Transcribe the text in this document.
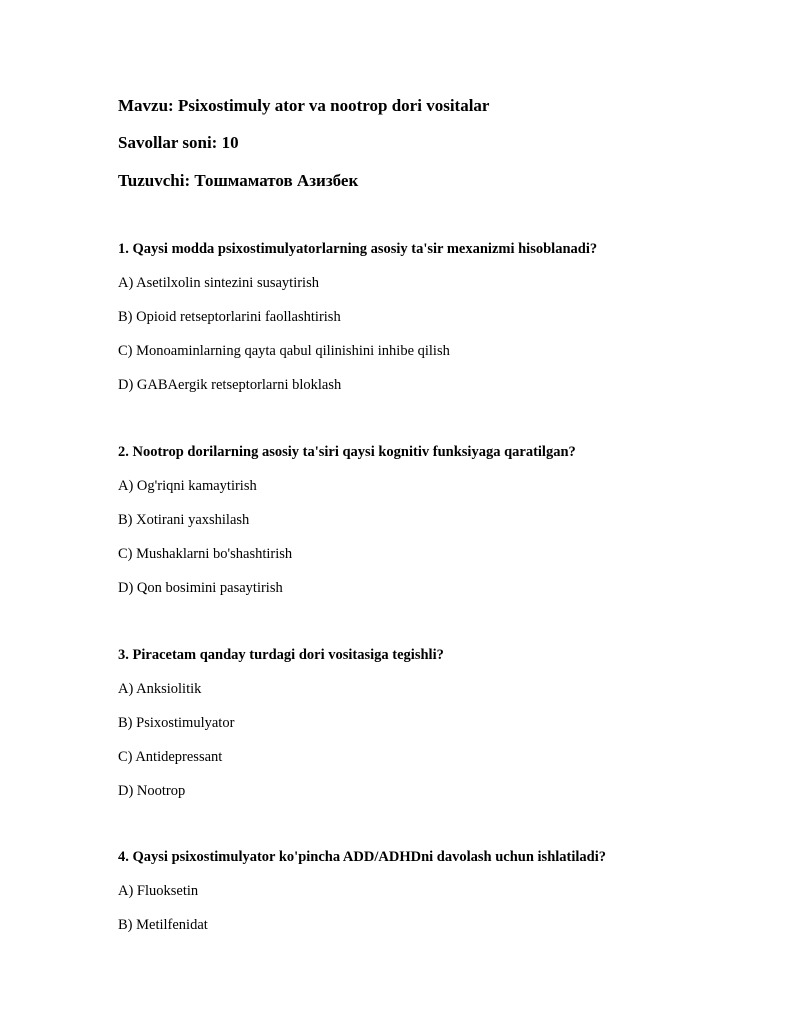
Mavzu: Psixostimuly ator va nootrop dori vositalar
Savollar soni: 10
Tuzuvchi: Тошмаматов Азизбек

1. Qaysi modda psixostimulyatorlarning asosiy ta'sir mexanizmi hisoblanadi?

A) Asetilxolin sintezini susaytirish
B) Opioid retseptorlarini faollashtirish
C) Monoaminlarning qayta qabul qilinishini inhibe qilish
D) GABAergik retseptorlarni bloklash

2. Nootrop dorilarning asosiy ta'siri qaysi kognitiv funksiyaga qaratilgan?

A) Og'riqni kamaytirish
B) Xotirani yaxshilash
C) Mushaklarni bo'shashtirish
D) Qon bosimini pasaytirish

3. Piracetam qanday turdagi dori vositasiga tegishli?

A) Anksiolitik
B) Psixostimulyator
C) Antidepressant
D) Nootrop

4. Qaysi psixostimulyator ko'pincha ADD/ADHDni davolash uchun ishlatiladi?

A) Fluoksetin
B) Metilfenidat
